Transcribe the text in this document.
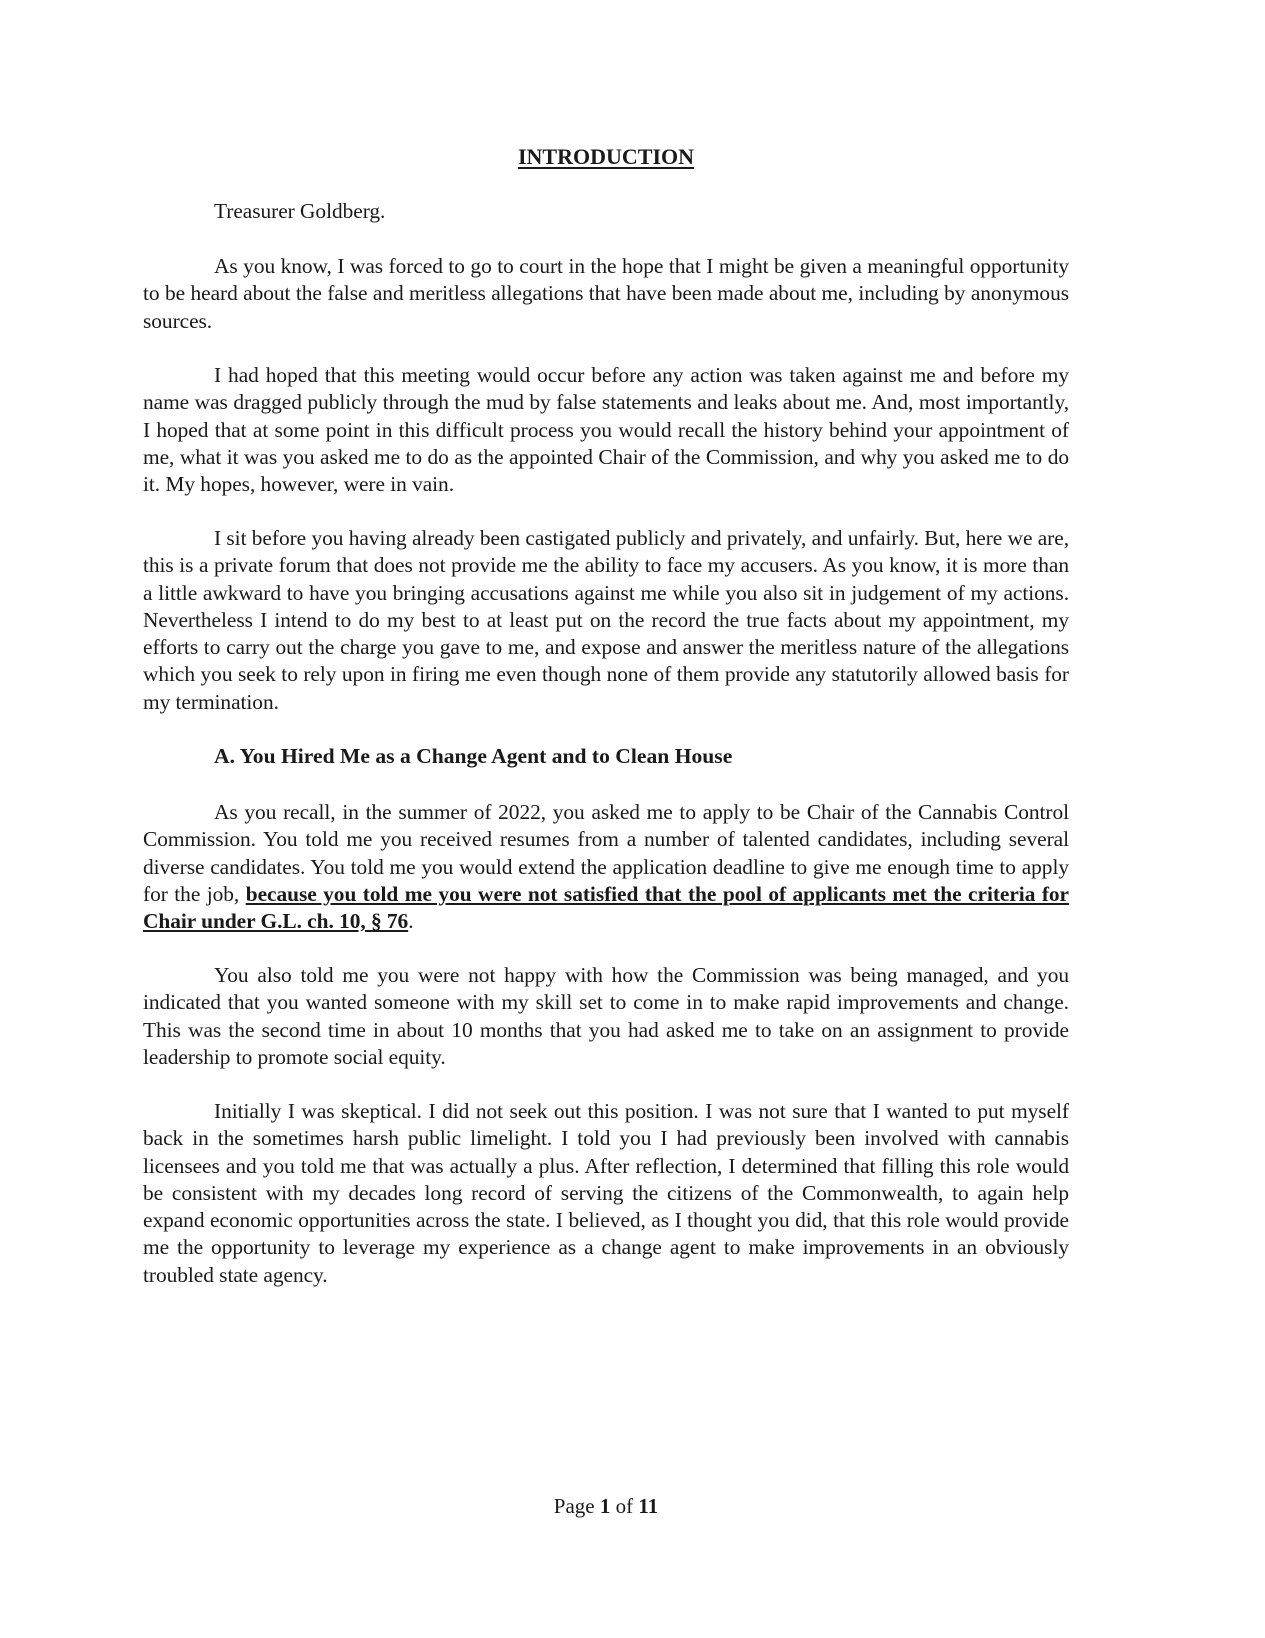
INTRODUCTION

Treasurer Goldberg.

As you know, I was forced to go to court in the hope that I might be given a meaningful opportunity to be heard about the false and meritless allegations that have been made about me, including by anonymous sources.

I had hoped that this meeting would occur before any action was taken against me and before my name was dragged publicly through the mud by false statements and leaks about me. And, most importantly, I hoped that at some point in this difficult process you would recall the history behind your appointment of me, what it was you asked me to do as the appointed Chair of the Commission, and why you asked me to do it. My hopes, however, were in vain.

I sit before you having already been castigated publicly and privately, and unfairly. But, here we are, this is a private forum that does not provide me the ability to face my accusers. As you know, it is more than a little awkward to have you bringing accusations against me while you also sit in judgement of my actions. Nevertheless I intend to do my best to at least put on the record the true facts about my appointment, my efforts to carry out the charge you gave to me, and expose and answer the meritless nature of the allegations which you seek to rely upon in firing me even though none of them provide any statutorily allowed basis for my termination.

A. You Hired Me as a Change Agent and to Clean House

As you recall, in the summer of 2022, you asked me to apply to be Chair of the Cannabis Control Commission. You told me you received resumes from a number of talented candidates, including several diverse candidates. You told me you would extend the application deadline to give me enough time to apply for the job, because you told me you were not satisfied that the pool of applicants met the criteria for Chair under G.L. ch. 10, § 76.

You also told me you were not happy with how the Commission was being managed, and you indicated that you wanted someone with my skill set to come in to make rapid improvements and change. This was the second time in about 10 months that you had asked me to take on an assignment to provide leadership to promote social equity.

Initially I was skeptical. I did not seek out this position. I was not sure that I wanted to put myself back in the sometimes harsh public limelight. I told you I had previously been involved with cannabis licensees and you told me that was actually a plus. After reflection, I determined that filling this role would be consistent with my decades long record of serving the citizens of the Commonwealth, to again help expand economic opportunities across the state. I believed, as I thought you did, that this role would provide me the opportunity to leverage my experience as a change agent to make improvements in an obviously troubled state agency.

Page 1 of 11
